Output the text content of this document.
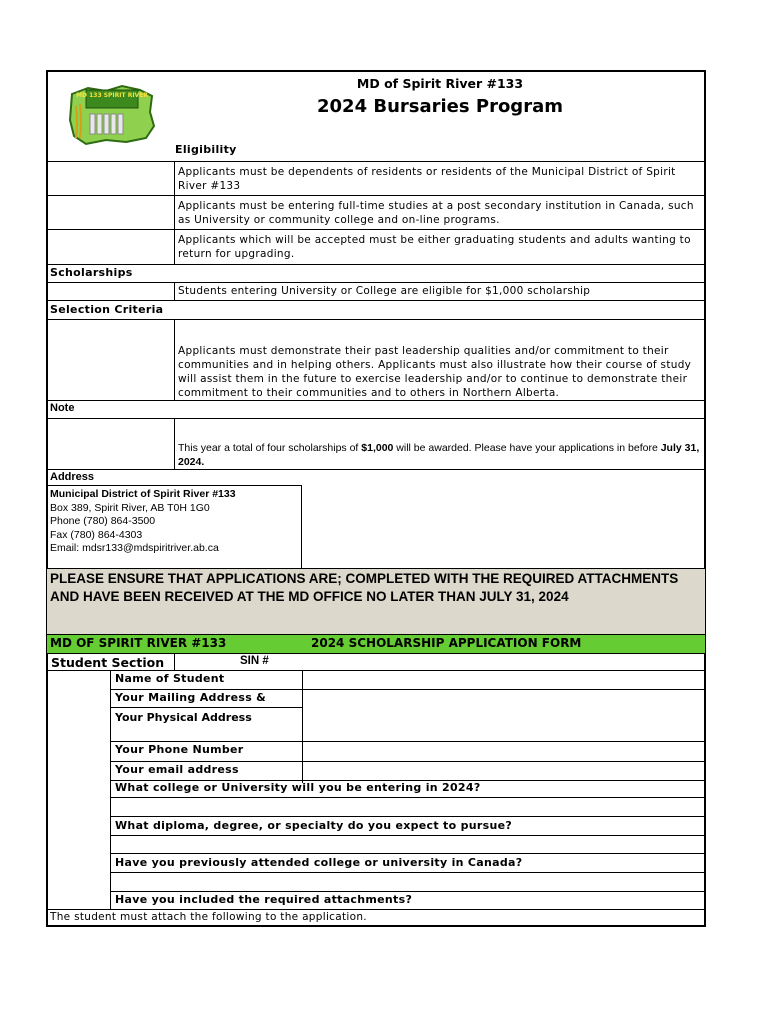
MD 133 SPIRIT RIVER
MD of Spirit River #133
2024 Bursaries Program
Eligibility
Applicants must be dependents of residents or residents of the Municipal District of Spirit River #133
Applicants must be entering full-time studies at a post secondary institution in Canada, such as University or community college and on-line programs.
Applicants which will be accepted must be either graduating students and adults wanting to return for upgrading.
Scholarships
Students entering University or College are eligible for $1,000 scholarship
Selection Criteria
Applicants must demonstrate their past leadership qualities and/or commitment to their communities and in helping others. Applicants must also illustrate how their course of study will assist them in the future to exercise leadership and/or to continue to demonstrate their commitment to their communities and to others in Northern Alberta.
Note
This year a total of four scholarships of $1,000 will be awarded. Please have your applications in before July 31, 2024.
Address
Municipal District of Spirit River #133
Box 389, Spirit River, AB T0H 1G0
Phone (780) 864-3500
Fax (780) 864-4303
Email: mdsr133@mdspiritriver.ab.ca
PLEASE ENSURE THAT APPLICATIONS ARE; COMPLETED WITH THE REQUIRED ATTACHMENTS AND HAVE BEEN RECEIVED AT THE MD OFFICE NO LATER THAN JULY 31, 2024
MD OF SPIRIT RIVER #133	2024 SCHOLARSHIP APPLICATION FORM
Student Section	SIN #
Name of Student
Your Mailing Address &
Your Physical Address
Your Phone Number
Your email address
What college or University will you be entering in 2024?
What diploma, degree, or specialty do you expect to pursue?
Have you previously attended college or university in Canada?
Have you included the required attachments?
The student must attach the following to the application.
